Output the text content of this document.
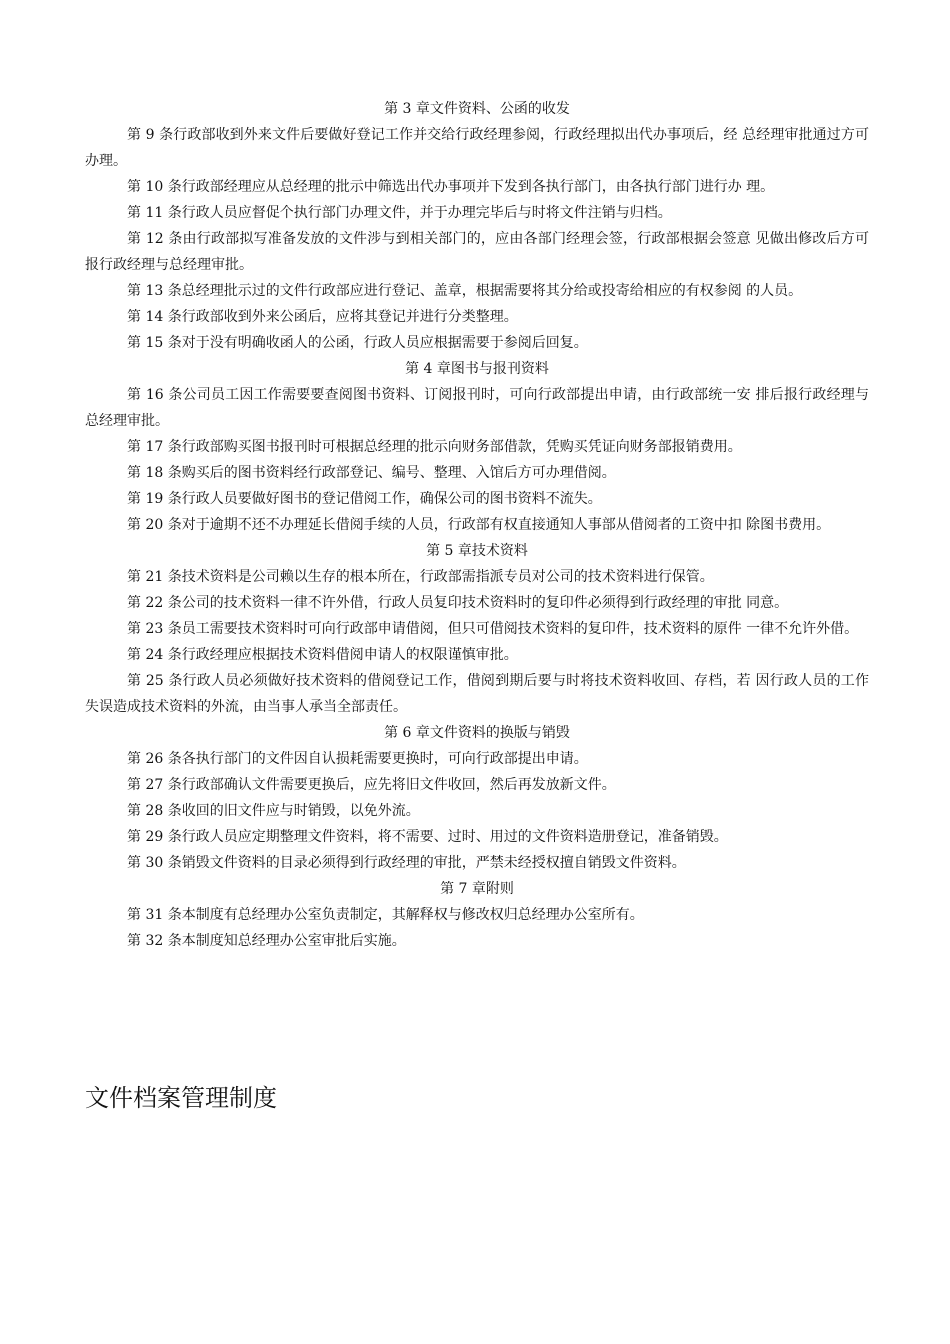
第 3 章文件资料、公函的收发

第 9 条行政部收到外来文件后要做好登记工作并交给行政经理参阅，行政经理拟出代办事项后，经 总经理审批通过方可办理。

第 10 条行政部经理应从总经理的批示中筛选出代办事项并下发到各执行部门，由各执行部门进行办 理。

第 11 条行政人员应督促个执行部门办理文件，并于办理完毕后与时将文件注销与归档。

第 12 条由行政部拟写准备发放的文件涉与到相关部门的，应由各部门经理会签，行政部根据会签意 见做出修改后方可报行政经理与总经理审批。

第 13 条总经理批示过的文件行政部应进行登记、盖章，根据需要将其分给或投寄给相应的有权参阅 的人员。

第 14 条行政部收到外来公函后，应将其登记并进行分类整理。

第 15 条对于没有明确收函人的公函，行政人员应根据需要于参阅后回复。

第 4 章图书与报刊资料

第 16 条公司员工因工作需要要查阅图书资料、订阅报刊时，可向行政部提出申请，由行政部统一安 排后报行政经理与总经理审批。

第 17 条行政部购买图书报刊时可根据总经理的批示向财务部借款，凭购买凭证向财务部报销费用。

第 18 条购买后的图书资料经行政部登记、编号、整理、入馆后方可办理借阅。

第 19 条行政人员要做好图书的登记借阅工作，确保公司的图书资料不流失。

第 20 条对于逾期不还不办理延长借阅手续的人员，行政部有权直接通知人事部从借阅者的工资中扣 除图书费用。

第 5 章技术资料

第 21 条技术资料是公司赖以生存的根本所在，行政部需指派专员对公司的技术资料进行保管。

第 22 条公司的技术资料一律不许外借，行政人员复印技术资料时的复印件必须得到行政经理的审批 同意。

第 23 条员工需要技术资料时可向行政部申请借阅，但只可借阅技术资料的复印件，技术资料的原件 一律不允许外借。

第 24 条行政经理应根据技术资料借阅申请人的权限谨慎审批。

第 25 条行政人员必须做好技术资料的借阅登记工作，借阅到期后要与时将技术资料收回、存档，若 因行政人员的工作失误造成技术资料的外流，由当事人承当全部责任。

第 6 章文件资料的换版与销毁

第 26 条各执行部门的文件因自认损耗需要更换时，可向行政部提出申请。

第 27 条行政部确认文件需要更换后，应先将旧文件收回，然后再发放新文件。

第 28 条收回的旧文件应与时销毁，以免外流。

第 29 条行政人员应定期整理文件资料，将不需要、过时、用过的文件资料造册登记，准备销毁。

第 30 条销毁文件资料的目录必须得到行政经理的审批，严禁未经授权擅自销毁文件资料。

第 7 章附则

第 31 条本制度有总经理办公室负责制定，其解释权与修改权归总经理办公室所有。

第 32 条本制度知总经理办公室审批后实施。

文件档案管理制度
